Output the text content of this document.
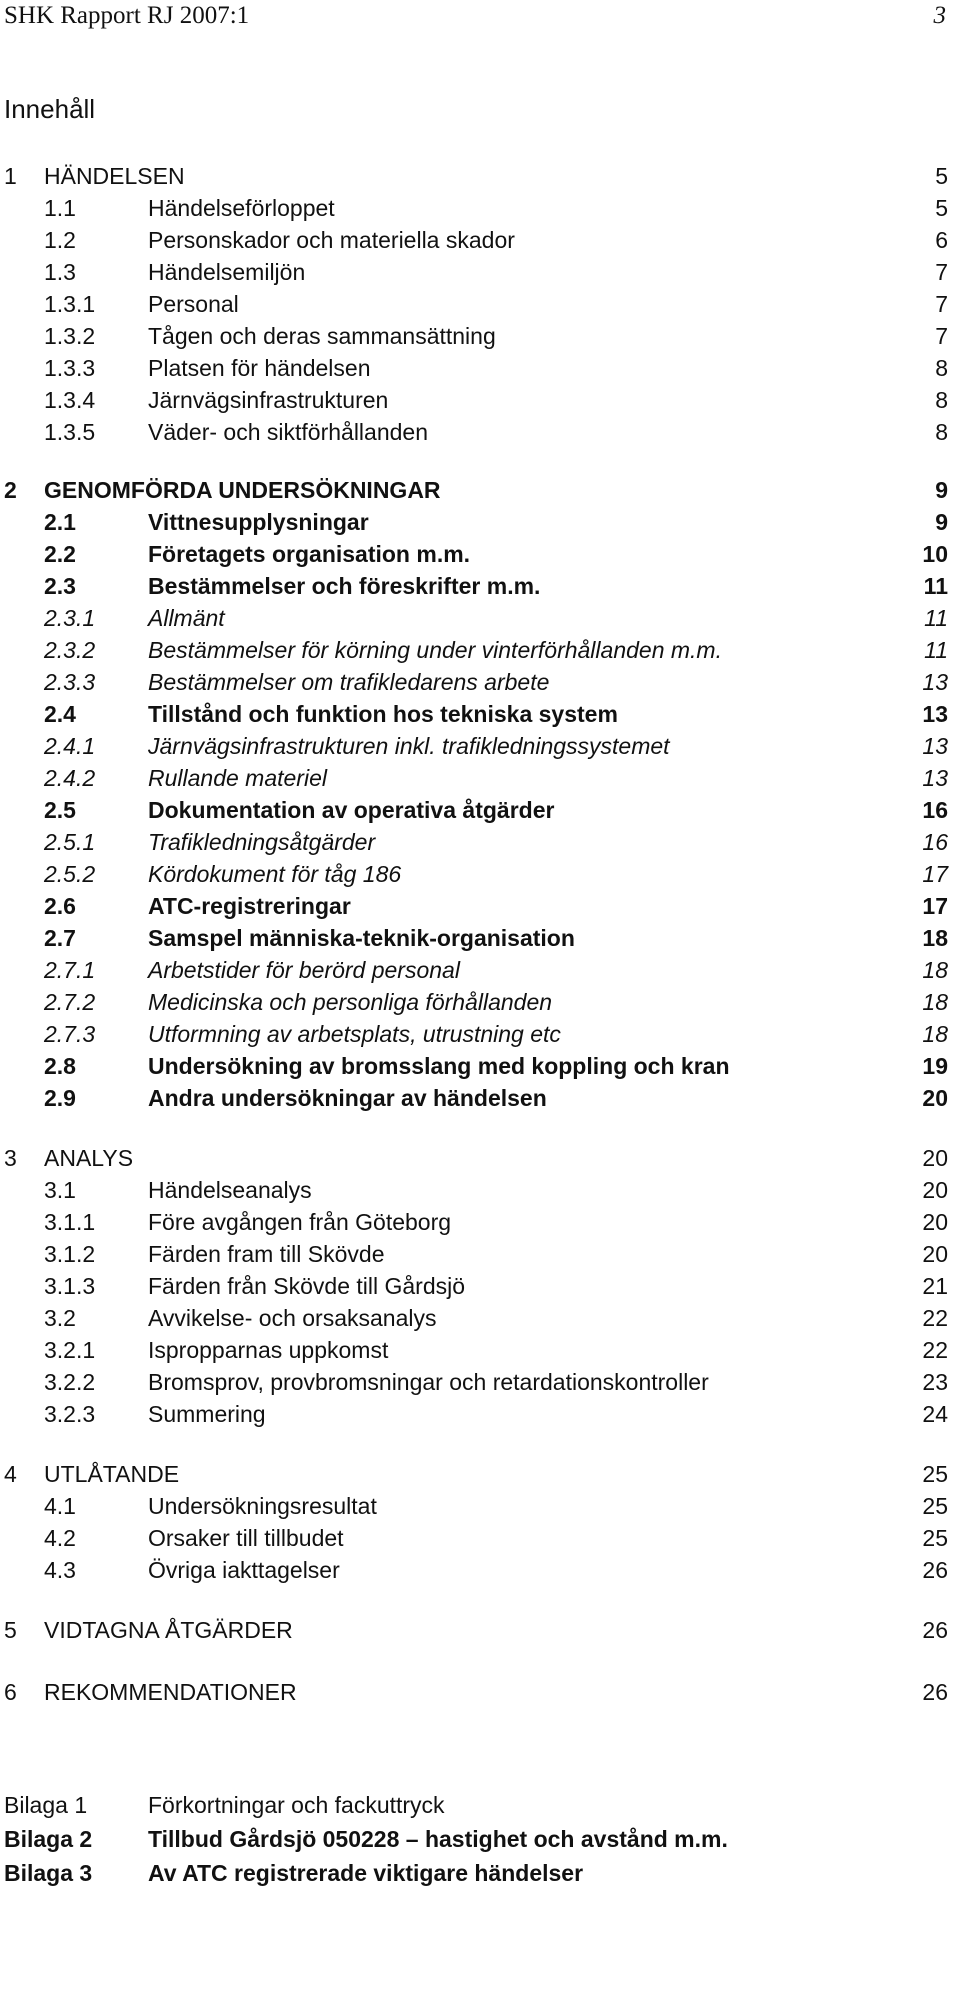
SHK Rapport RJ 2007:1	3
Innehåll
1 HÄNDELSEN	5
1.1	Händelseförloppet	5
1.2	Personskador och materiella skador	6
1.3	Händelsemiljön	7
1.3.1 Personal	7
1.3.2 Tågen och deras sammansättning	7
1.3.3 Platsen för händelsen	8
1.3.4 Järnvägsinfrastrukturen	8
1.3.5 Väder- och siktförhållanden	8
2 GENOMFÖRDA UNDERSÖKNINGAR	9
2.1	Vittnesupplysningar	9
2.2	Företagets organisation m.m.	10
2.3	Bestämmelser och föreskrifter m.m.	11
2.3.1 Allmänt	11
2.3.2 Bestämmelser för körning under vinterförhållanden m.m.	11
2.3.3 Bestämmelser om trafikledarens arbete	13
2.4	Tillstånd och funktion hos tekniska system	13
2.4.1 Järnvägsinfrastrukturen inkl. trafikledningssystemet	13
2.4.2 Rullande materiel	13
2.5	Dokumentation av operativa åtgärder	16
2.5.1 Trafikledningsåtgärder	16
2.5.2 Kördokument för tåg 186	17
2.6	ATC-registreringar	17
2.7	Samspel människa-teknik-organisation	18
2.7.1 Arbetstider för berörd personal	18
2.7.2 Medicinska och personliga förhållanden	18
2.7.3 Utformning av arbetsplats, utrustning etc	18
2.8	Undersökning av bromsslang med koppling och kran	19
2.9	Andra undersökningar av händelsen	20
3 ANALYS	20
3.1	Händelseanalys	20
3.1.1 Före avgången från Göteborg	20
3.1.2 Färden fram till Skövde	20
3.1.3 Färden från Skövde till Gårdsjö	21
3.2	Avvikelse- och orsaksanalys	22
3.2.1 Ispropparnas uppkomst	22
3.2.2 Bromsprov, provbromsningar och retardationskontroller	23
3.2.3 Summering	24
4 UTLÅTANDE	25
4.1	Undersökningsresultat	25
4.2	Orsaker till tillbudet	25
4.3	Övriga iakttagelser	26
5 VIDTAGNA ÅTGÄRDER	26
6 REKOMMENDATIONER	26
Bilaga 1	Förkortningar och fackuttryck
Bilaga 2 Tillbud Gårdsjö 050228 – hastighet och avstånd m.m.
Bilaga 3 Av ATC registrerade viktigare händelser
